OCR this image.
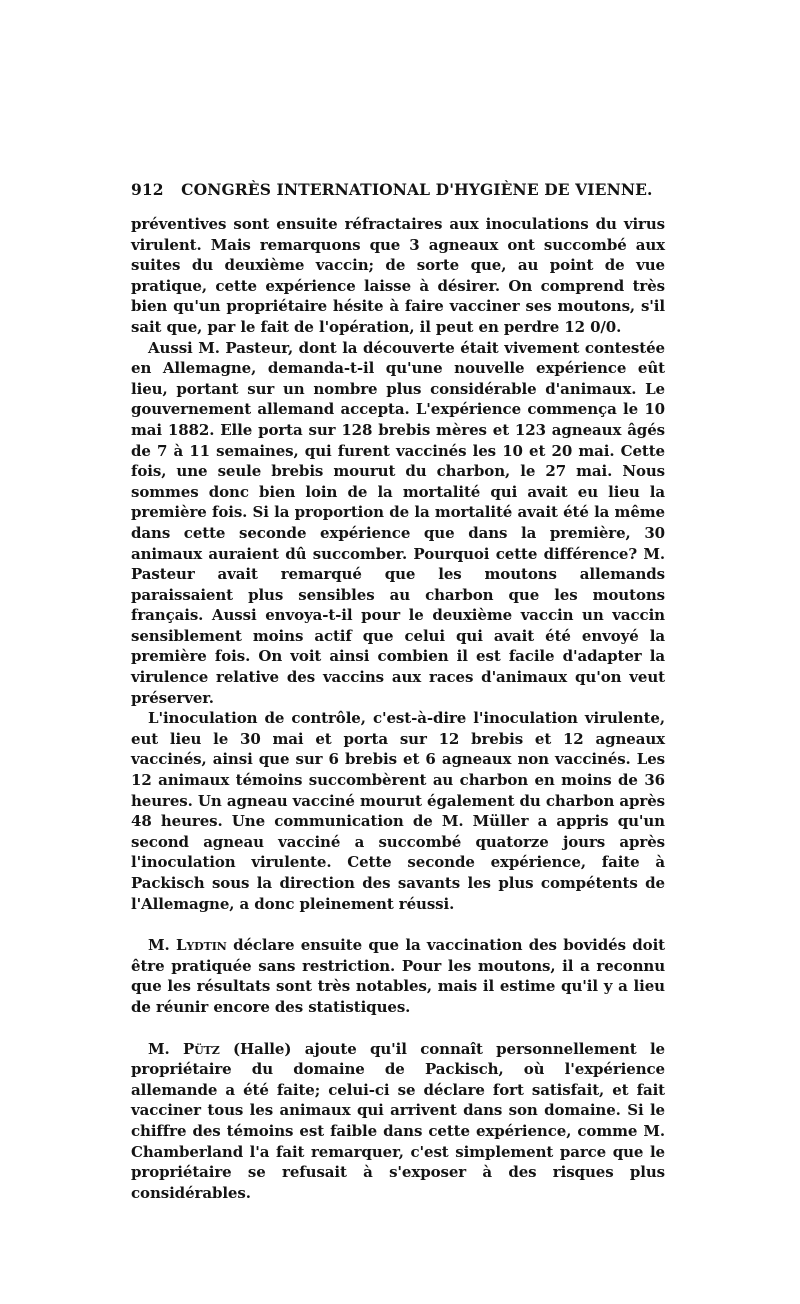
912 CONGRÈS INTERNATIONAL D'HYGIÈNE DE VIENNE.

préventives sont ensuite réfractaires aux inoculations du virus virulent. Mais remarquons que 3 agneaux ont succombé aux suites du deuxième vaccin; de sorte que, au point de vue pratique, cette expérience laisse à désirer. On comprend très bien qu'un propriétaire hésite à faire vacciner ses moutons, s'il sait que, par le fait de l'opération, il peut en perdre 12 0/0.

Aussi M. Pasteur, dont la découverte était vivement contestée en Allemagne, demanda-t-il qu'une nouvelle expérience eût lieu, portant sur un nombre plus considérable d'animaux. Le gouvernement allemand accepta. L'expérience commença le 10 mai 1882. Elle porta sur 128 brebis mères et 123 agneaux âgés de 7 à 11 semaines, qui furent vaccinés les 10 et 20 mai. Cette fois, une seule brebis mourut du charbon, le 27 mai. Nous sommes donc bien loin de la mortalité qui avait eu lieu la première fois. Si la proportion de la mortalité avait été la même dans cette seconde expérience que dans la première, 30 animaux auraient dû succomber. Pourquoi cette différence? M. Pasteur avait remarqué que les moutons allemands paraissaient plus sensibles au charbon que les moutons français. Aussi envoya-t-il pour le deuxième vaccin un vaccin sensiblement moins actif que celui qui avait été envoyé la première fois. On voit ainsi combien il est facile d'adapter la virulence relative des vaccins aux races d'animaux qu'on veut préserver.

L'inoculation de contrôle, c'est-à-dire l'inoculation virulente, eut lieu le 30 mai et porta sur 12 brebis et 12 agneaux vaccinés, ainsi que sur 6 brebis et 6 agneaux non vaccinés. Les 12 animaux témoins succombèrent au charbon en moins de 36 heures. Un agneau vacciné mourut également du charbon après 48 heures. Une communication de M. Müller a appris qu'un second agneau vacciné a succombé quatorze jours après l'inoculation virulente. Cette seconde expérience, faite à Packisch sous la direction des savants les plus compétents de l'Allemagne, a donc pleinement réussi.

M. Lydtin déclare ensuite que la vaccination des bovidés doit être pratiquée sans restriction. Pour les moutons, il a reconnu que les résultats sont très notables, mais il estime qu'il y a lieu de réunir encore des statistiques.

M. Pütz (Halle) ajoute qu'il connaît personnellement le propriétaire du domaine de Packisch, où l'expérience allemande a été faite; celui-ci se déclare fort satisfait, et fait vacciner tous les animaux qui arrivent dans son domaine. Si le chiffre des témoins est faible dans cette expérience, comme M. Chamberland l'a fait remarquer, c'est simplement parce que le propriétaire se refusait à s'exposer à des risques plus considérables.
